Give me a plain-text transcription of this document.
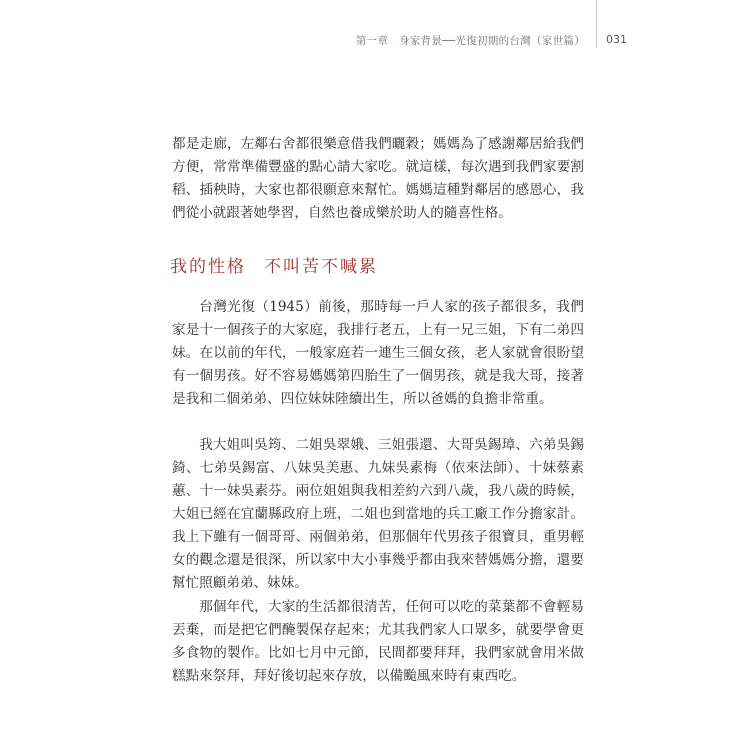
第一章　身家背景──光復初期的台灣（家世篇） 031

都是走廊，左鄰右舍都很樂意借我們曬穀；媽媽為了感謝鄰居給我們方便，常常準備豐盛的點心請大家吃。就這樣，每次遇到我們家要割稻、插秧時，大家也都很願意來幫忙。媽媽這種對鄰居的感恩心，我們從小就跟著她學習，自然也養成樂於助人的隨喜性格。

我的性格 不叫苦不喊累

台灣光復（1945）前後，那時每一戶人家的孩子都很多，我們家是十一個孩子的大家庭，我排行老五，上有一兄三姐，下有二弟四妹。在以前的年代，一般家庭若一連生三個女孩，老人家就會很盼望有一個男孩。好不容易媽媽第四胎生了一個男孩，就是我大哥，接著是我和二個弟弟、四位妹妹陸續出生，所以爸媽的負擔非常重。

我大姐叫吳筠、二姐吳翠娥、三姐張還、大哥吳錫璋、六弟吳錫錡、七弟吳錫富、八妹吳美惠、九妹吳素梅（依來法師）、十妹蔡素蕙、十一妹吳素芬。兩位姐姐與我相差約六到八歲，我八歲的時候，大姐已經在宜蘭縣政府上班，二姐也到當地的兵工廠工作分擔家計。我上下雖有一個哥哥、兩個弟弟，但那個年代男孩子很寶貝，重男輕女的觀念還是很深，所以家中大小事幾乎都由我來替媽媽分擔，還要幫忙照顧弟弟、妹妹。

那個年代，大家的生活都很清苦，任何可以吃的菜葉都不會輕易丟棄，而是把它們醃製保存起來；尤其我們家人口眾多，就要學會更多食物的製作。比如七月中元節，民間都要拜拜，我們家就會用米做糕點來祭拜，拜好後切起來存放，以備颱風來時有東西吃。
